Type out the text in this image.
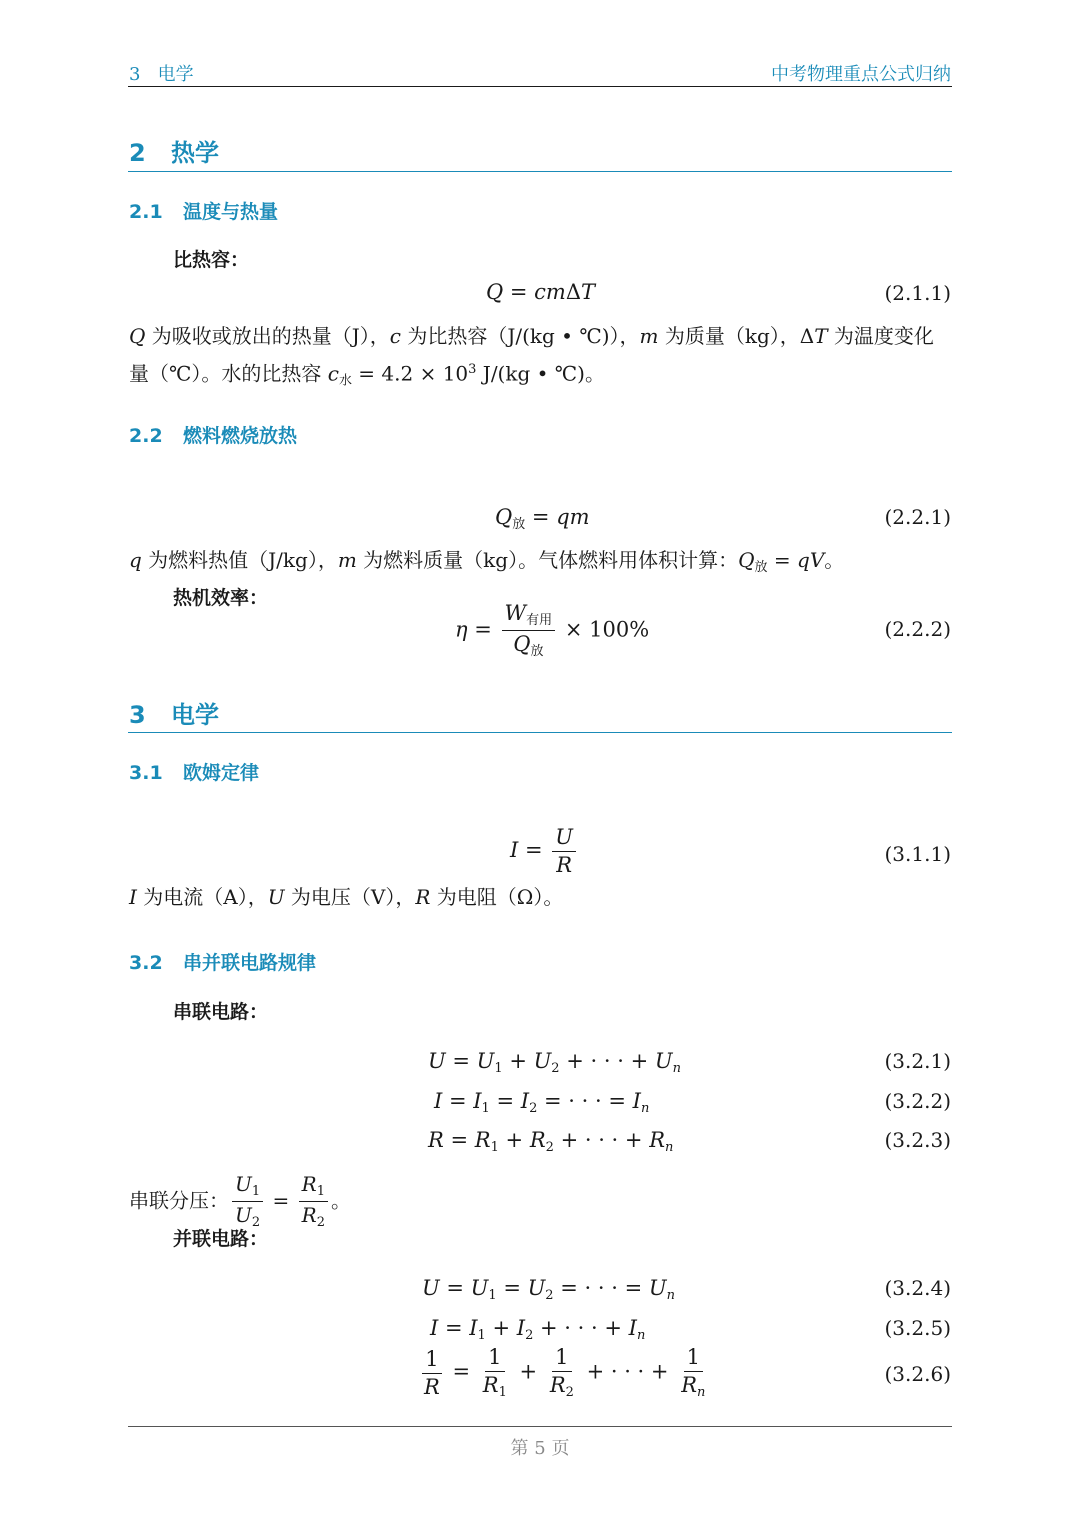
3   电学	中考物理重点公式归纳
2 热学
2.1 温度与热量
比热容：
Q = cmΔT	(2.1.1)
Q 为吸收或放出的热量（J），c 为比热容（J/(kg • ℃)），m 为质量（kg），ΔT 为温度变化量（℃）。水的比热容 $c_水 = 4.2 \times 10^3$ J/(kg • ℃)。
2.2 燃料燃烧放热
$Q_放$ = qm	(2.2.1)
q 为燃料热值（J/kg），m 为燃料质量（kg）。气体燃料用体积计算：$Q_放$ = qV。
热机效率：
$\eta = \frac{W_{有用}}{Q_放} \times 100\%$	(2.2.2)
3 电学
3.1 欧姆定律
$I = \frac{U}{R}$	(3.1.1)
I 为电流（A），U 为电压（V），R 为电阻（Ω）。
3.2 串并联电路规律
串联电路：
$U = U_1 + U_2$ + · · · + $U_n$	(3.2.1)
$I = I_1 = I_2$ = · · · = $I_n$	(3.2.2)
$R = R_1 + R_2$ + · · · + $R_n$	(3.2.3)
串联分压： $\frac{U_1}{U_2} = \frac{R_1}{R_2}$ 。
并联电路：
$U = U_1 = U_2$ = · · · = $U_n$	(3.2.4)
$I = I_1 + I_2$ + · · · + $I_n$	(3.2.5)
$\frac{1}{R} = \frac{1}{R_1} + \frac{1}{R_2}$ + · · · + $\frac{1}{R_n}$	(3.2.6)
第 5 页
